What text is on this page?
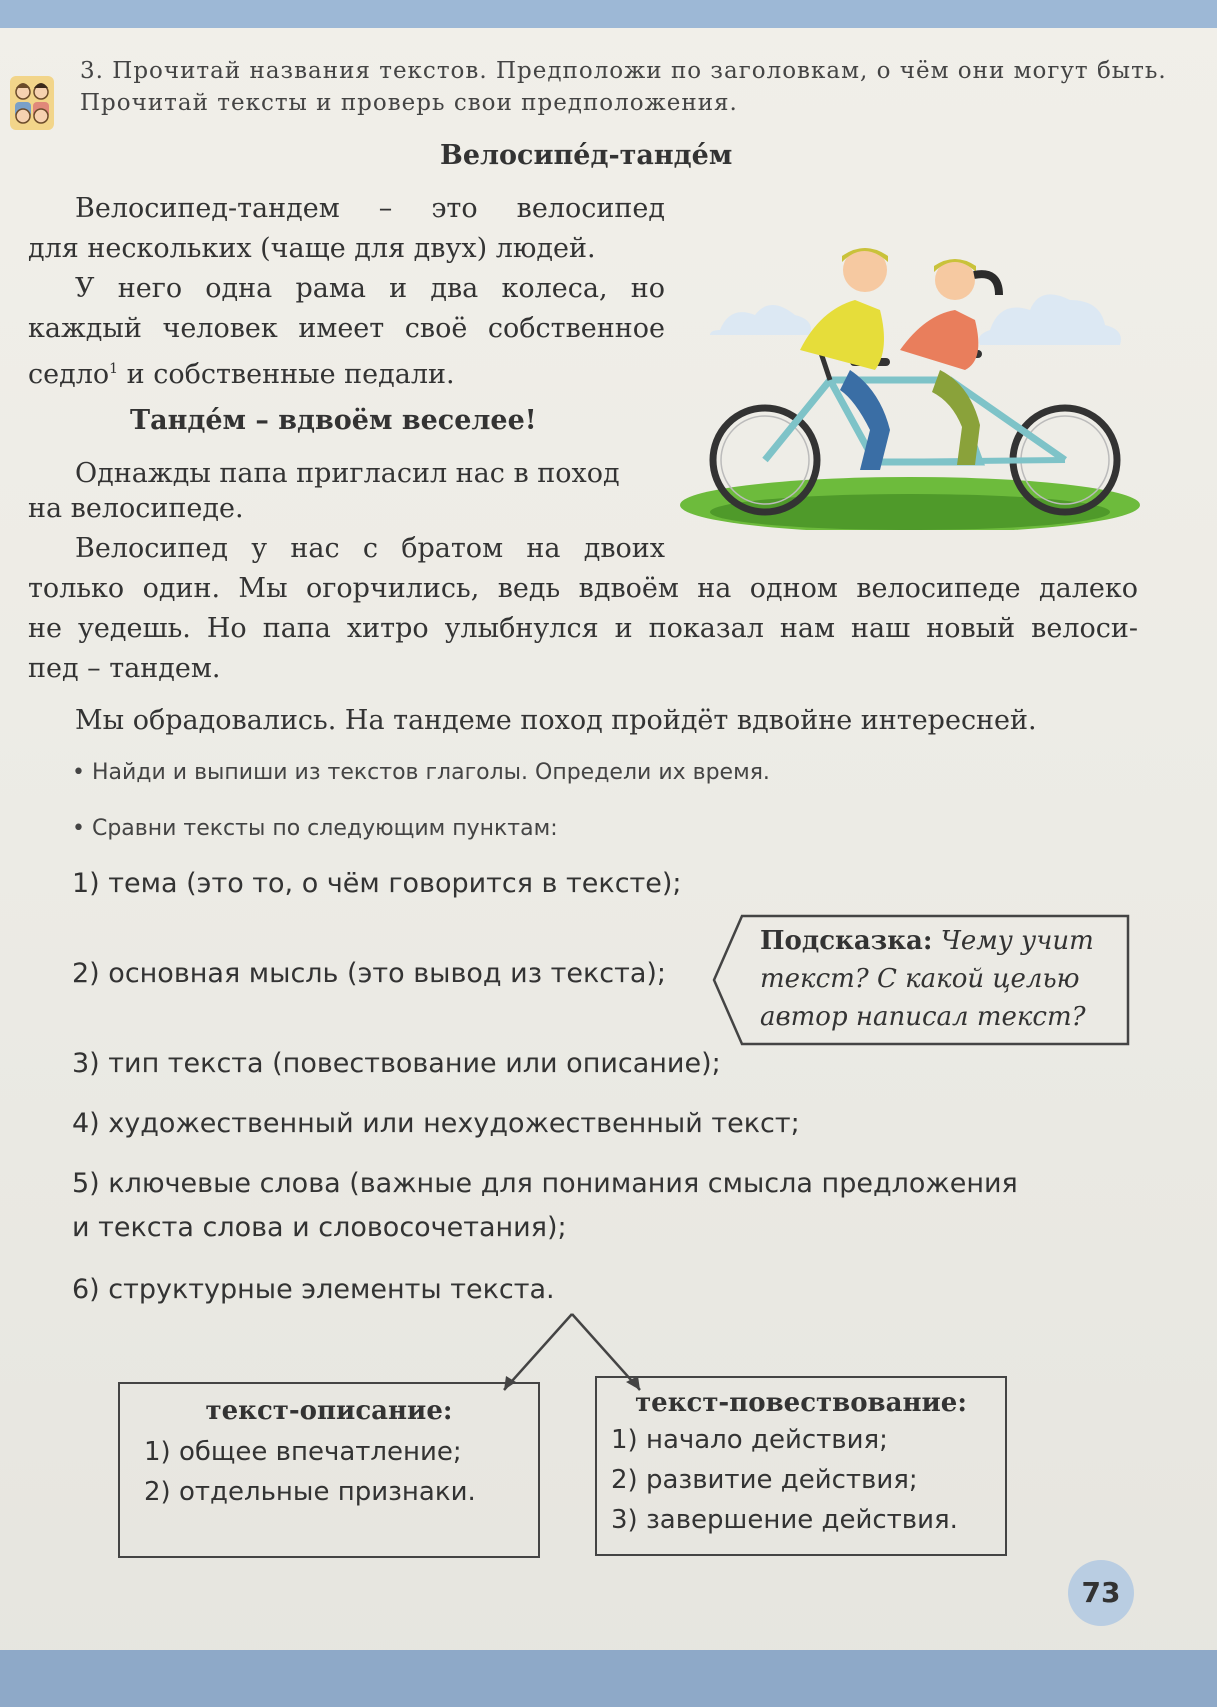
3. Прочитай названия текстов. Предположи по заголовкам, о чём они могут быть. Прочитай тексты и проверь свои предположения.
Велосипе́д-танде́м
Велосипед-тандем – это велосипед
для нескольких (чаще для двух) людей.
У него одна рама и два колеса, но
каждый человек имеет своё собственное
седло$^1$ и собственные педали.
Танде́м – вдвоём веселее!
Однажды папа пригласил нас в поход
на велосипеде.
Велосипед у нас с братом на двоих
только один. Мы огорчились, ведь вдвоём на одном велосипеде далеко
не уедешь. Но папа хитро улыбнулся и показал нам наш новый велоси-
пед – тандем.
Мы обрадовались. На тандеме поход пройдёт вдвойне интересней.
• Найди и выпиши из текстов глаголы. Определи их время.
• Сравни тексты по следующим пунктам:
1) тема (это то, о чём говорится в тексте);
2) основная мысль (это вывод из текста);
Подсказка: Чему учит
текст? С какой целью
автор написал текст?
3) тип текста (повествование или описание);
4) художественный или нехудожественный текст;
5) ключевые слова (важные для понимания смысла предложения
и текста слова и словосочетания);
6) структурные элементы текста.
текст-описание:
1) общее впечатление;
2) отдельные признаки.
текст-повествование:
1) начало действия;
2) развитие действия;
3) завершение действия.
73
